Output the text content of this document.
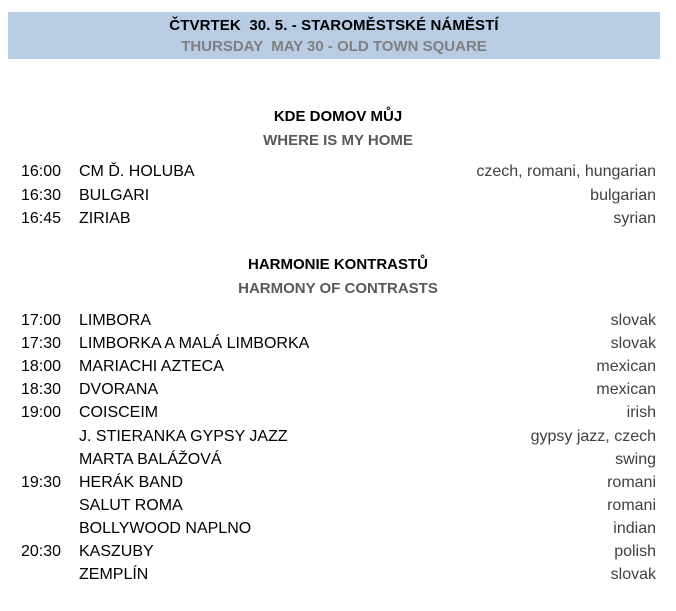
ČTVRTEK  30. 5. - STAROMĚSTSKÉ NÁMĚSTÍ
THURSDAY  MAY 30 - OLD TOWN SQUARE
KDE DOMOV MŮJ
WHERE IS MY HOME
16:00 CM Ď. HOLUBA	czech, romani, hungarian
16:30 BULGARI	bulgarian
16:45 ZIRIAB	syrian
HARMONIE KONTRASTŮ
HARMONY OF CONTRASTS
17:00 LIMBORA	slovak
17:30 LIMBORKA A MALÁ LIMBORKA	slovak
18:00 MARIACHI AZTECA	mexican
18:30 DVORANA	mexican
19:00 COISCEIM	irish
J. STIERANKA GYPSY JAZZ	gypsy jazz, czech
MARTA BALÁŽOVÁ	swing
19:30 HERÁK BAND	romani
SALUT ROMA	romani
BOLLYWOOD NAPLNO	indian
20:30 KASZUBY	polish
ZEMPLÍN	slovak
